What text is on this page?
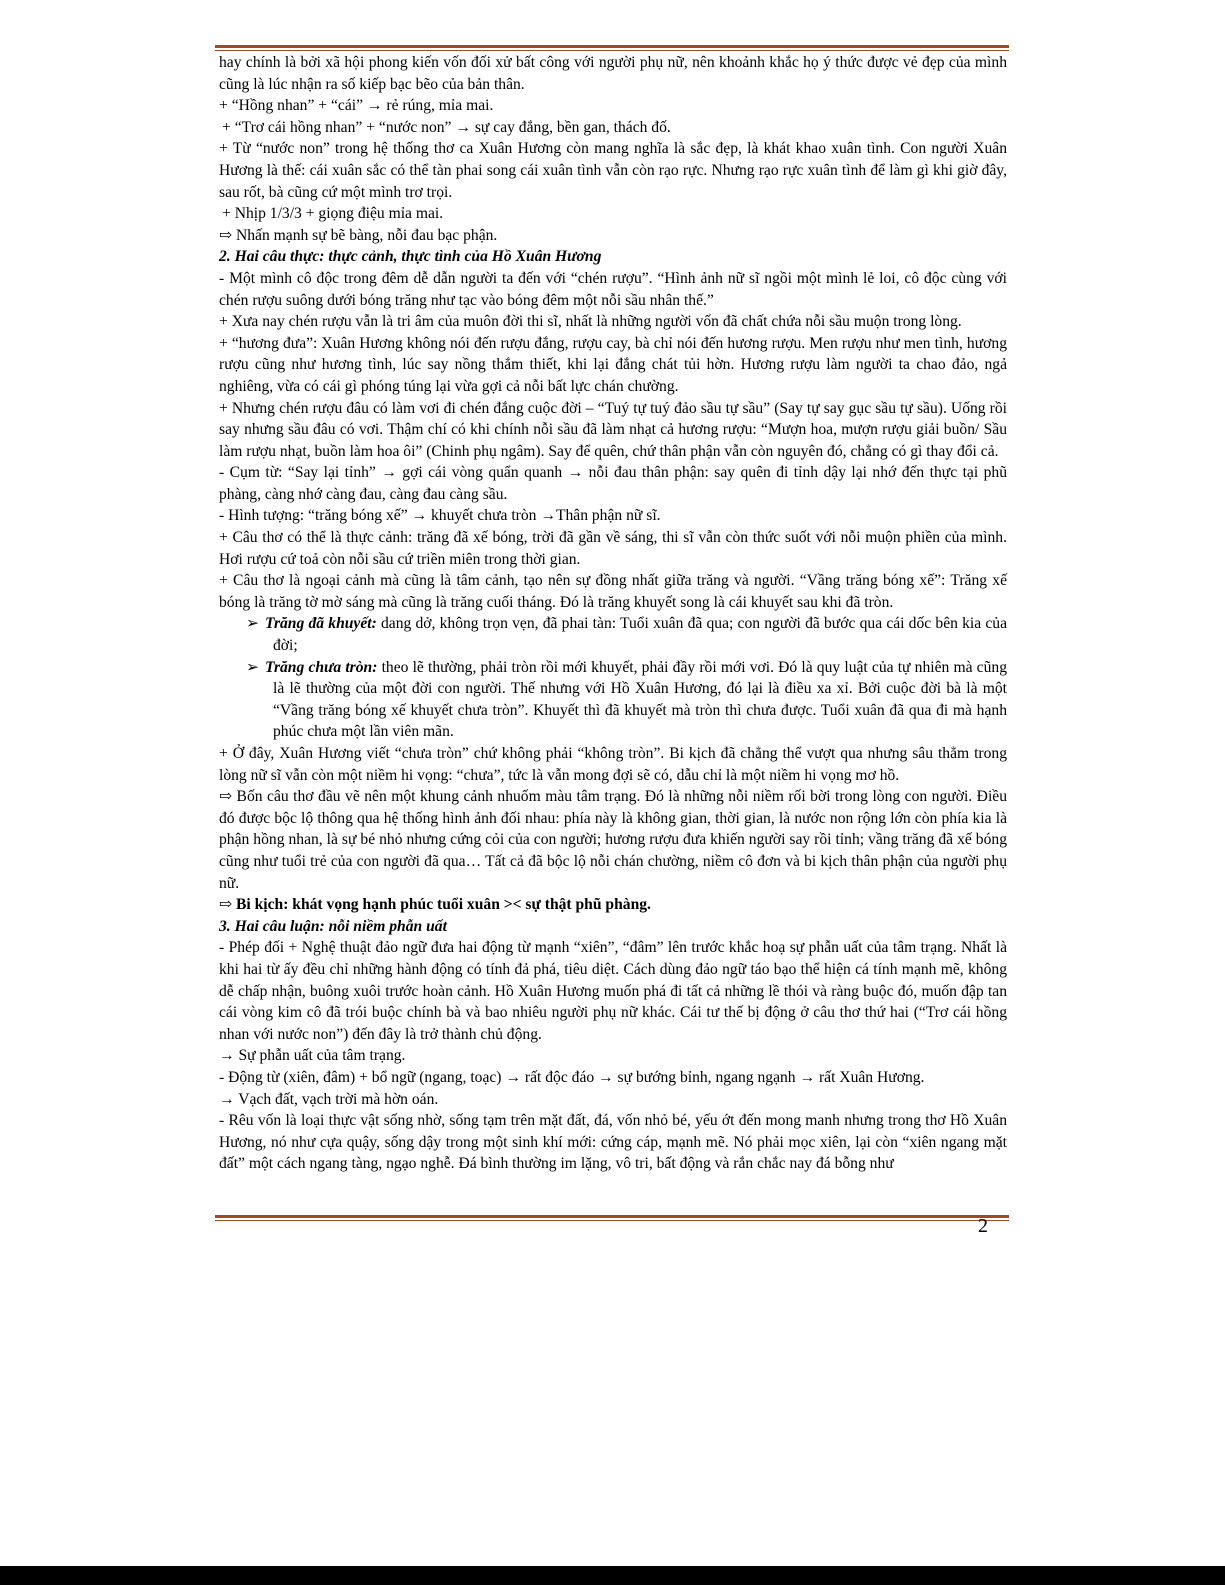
hay chính là bởi xã hội phong kiến vốn đối xử bất công với người phụ nữ, nên khoảnh khắc họ ý thức được vẻ đẹp của mình cũng là lúc nhận ra số kiếp bạc bẽo của bản thân.

+ “Hồng nhan” + “cái” → rẻ rúng, mỉa mai.

+ “Trơ cái hồng nhan” + “nước non” → sự cay đắng, bền gan, thách đố.

+ Từ “nước non” trong hệ thống thơ ca Xuân Hương còn mang nghĩa là sắc đẹp, là khát khao xuân tình. Con người Xuân Hương là thế: cái xuân sắc có thể tàn phai song cái xuân tình vẫn còn rạo rực. Nhưng rạo rực xuân tình để làm gì khi giờ đây, sau rốt, bà cũng cứ một mình trơ trọi.

+ Nhịp 1/3/3 + giọng điệu mỉa mai.

⇨ Nhấn mạnh sự bẽ bàng, nỗi đau bạc phận.

2. Hai câu thực: thực cảnh, thực tình của Hồ Xuân Hương

- Một mình cô độc trong đêm dễ dẫn người ta đến với “chén rượu”. “Hình ảnh nữ sĩ ngồi một mình lẻ loi, cô độc cùng với chén rượu suông dưới bóng trăng như tạc vào bóng đêm một nỗi sầu nhân thế.”

+ Xưa nay chén rượu vẫn là tri âm của muôn đời thi sĩ, nhất là những người vốn đã chất chứa nỗi sầu muộn trong lòng.

+ “hương đưa”: Xuân Hương không nói đến rượu đắng, rượu cay, bà chỉ nói đến hương rượu. Men rượu như men tình, hương rượu cũng như hương tình, lúc say nồng thắm thiết, khi lại đắng chát tủi hờn. Hương rượu làm người ta chao đảo, ngả nghiêng, vừa có cái gì phóng túng lại vừa gợi cả nỗi bất lực chán chường.

+ Nhưng chén rượu đâu có làm vơi đi chén đắng cuộc đời – “Tuý tự tuý đảo sầu tự sầu” (Say tự say gục sầu tự sầu). Uống rồi say nhưng sầu đâu có vơi. Thậm chí có khi chính nỗi sầu đã làm nhạt cả hương rượu: “Mượn hoa, mượn rượu giải buồn/ Sầu làm rượu nhạt, buồn làm hoa ôi” (Chinh phụ ngâm). Say để quên, chứ thân phận vẫn còn nguyên đó, chẳng có gì thay đổi cả.

- Cụm từ: “Say lại tỉnh” → gợi cái vòng quẩn quanh → nỗi đau thân phận: say quên đi tỉnh dậy lại nhớ đến thực tại phũ phàng, càng nhớ càng đau, càng đau càng sầu.

- Hình tượng: “trăng bóng xế” → khuyết chưa tròn →Thân phận nữ sĩ.

+ Câu thơ có thể là thực cảnh: trăng đã xế bóng, trời đã gần về sáng, thi sĩ vẫn còn thức suốt với nỗi muộn phiền của mình. Hơi rượu cứ toả còn nỗi sầu cứ triền miên trong thời gian.

+ Câu thơ là ngoại cảnh mà cũng là tâm cảnh, tạo nên sự đồng nhất giữa trăng và người. “Vầng trăng bóng xế”: Trăng xế bóng là trăng tờ mờ sáng mà cũng là trăng cuối tháng. Đó là trăng khuyết song là cái khuyết sau khi đã tròn.

➢ Trăng đã khuyết: dang dở, không trọn vẹn, đã phai tàn: Tuổi xuân đã qua; con người đã bước qua cái dốc bên kia của đời;

➢ Trăng chưa tròn: theo lẽ thường, phải tròn rồi mới khuyết, phải đầy rồi mới vơi. Đó là quy luật của tự nhiên mà cũng là lẽ thường của một đời con người. Thế nhưng với Hồ Xuân Hương, đó lại là điều xa xỉ. Bởi cuộc đời bà là một “Vầng trăng bóng xế khuyết chưa tròn”. Khuyết thì đã khuyết mà tròn thì chưa được. Tuổi xuân đã qua đi mà hạnh phúc chưa một lần viên mãn.

+ Ở đây, Xuân Hương viết “chưa tròn” chứ không phải “không tròn”. Bi kịch đã chẳng thể vượt qua nhưng sâu thẳm trong lòng nữ sĩ vẫn còn một niềm hi vọng: “chưa”, tức là vẫn mong đợi sẽ có, dẫu chỉ là một niềm hi vọng mơ hồ.

⇨ Bốn câu thơ đầu vẽ nên một khung cảnh nhuốm màu tâm trạng. Đó là những nỗi niềm rối bời trong lòng con người. Điều đó được bộc lộ thông qua hệ thống hình ảnh đối nhau: phía này là không gian, thời gian, là nước non rộng lớn còn phía kia là phận hồng nhan, là sự bé nhỏ nhưng cứng cỏi của con người; hương rượu đưa khiến người say rồi tỉnh; vầng trăng đã xế bóng cũng như tuổi trẻ của con người đã qua… Tất cả đã bộc lộ nỗi chán chường, niềm cô đơn và bi kịch thân phận của người phụ nữ.

⇨ Bi kịch: khát vọng hạnh phúc tuổi xuân >< sự thật phũ phàng.

3. Hai câu luận: nỗi niềm phẫn uất

- Phép đối + Nghệ thuật đảo ngữ đưa hai động từ mạnh “xiên”, “đâm” lên trước khắc hoạ sự phẫn uất của tâm trạng. Nhất là khi hai từ ấy đều chỉ những hành động có tính đả phá, tiêu diệt. Cách dùng đảo ngữ táo bạo thể hiện cá tính mạnh mẽ, không dễ chấp nhận, buông xuôi trước hoàn cảnh. Hồ Xuân Hương muốn phá đi tất cả những lề thói và ràng buộc đó, muốn đập tan cái vòng kim cô đã trói buộc chính bà và bao nhiêu người phụ nữ khác. Cái tư thế bị động ở câu thơ thứ hai (“Trơ cái hồng nhan với nước non”) đến đây là trở thành chủ động.

→ Sự phẫn uất của tâm trạng.

- Động từ (xiên, đâm) + bổ ngữ (ngang, toạc) → rất độc đáo → sự bướng bỉnh, ngang ngạnh → rất Xuân Hương.

→ Vạch đất, vạch trời mà hờn oán.

- Rêu vốn là loại thực vật sống nhờ, sống tạm trên mặt đất, đá, vốn nhỏ bé, yếu ớt đến mong manh nhưng trong thơ Hồ Xuân Hương, nó như cựa quậy, sống dậy trong một sinh khí mới: cứng cáp, mạnh mẽ. Nó phải mọc xiên, lại còn “xiên ngang mặt đất” một cách ngang tàng, ngạo nghễ. Đá bình thường im lặng, vô tri, bất động và rắn chắc nay đá bỗng như

2
